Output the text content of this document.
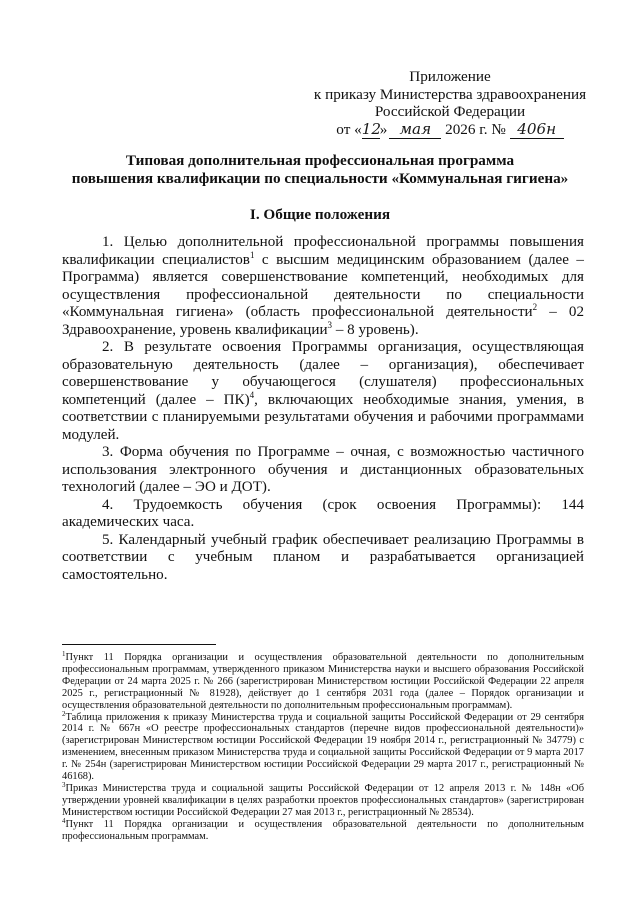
Приложение
к приказу Министерства здравоохранения
Российской Федерации
от «12» мая 2026 г. № 406н
Типовая дополнительная профессиональная программа
повышения квалификации по специальности «Коммунальная гигиена»
I. Общие положения

1. Целью дополнительной профессиональной программы повышения квалификации специалистов$^1$ с высшим медицинским образованием (далее – Программа) является совершенствование компетенций, необходимых для осуществления профессиональной деятельности по специальности «Коммунальная гигиена» (область профессиональной деятельности$^2$ – 02 Здравоохранение, уровень квалификации$^3$ – 8 уровень).

2. В результате освоения Программы организация, осуществляющая образовательную деятельность (далее – организация), обеспечивает совершенствование у обучающегося (слушателя) профессиональных компетенций (далее – ПК)$^4$, включающих необходимые знания, умения, в соответствии с планируемыми результатами обучения и рабочими программами модулей.

3. Форма обучения по Программе – очная, с возможностью частичного использования электронного обучения и дистанционных образовательных технологий (далее – ЭО и ДОТ).

4. Трудоемкость обучения (срок освоения Программы): 144 академических часа.

5. Календарный учебный график обеспечивает реализацию Программы в соответствии с учебным планом и разрабатывается организацией самостоятельно.

$^1$Пункт 11 Порядка организации и осуществления образовательной деятельности по дополнительным профессиональным программам, утвержденного приказом Министерства науки и высшего образования Российской Федерации от 24 марта 2025 г. № 266 (зарегистрирован Министерством юстиции Российской Федерации 22 апреля 2025 г., регистрационный № 81928), действует до 1 сентября 2031 года (далее – Порядок организации и осуществления образовательной деятельности по дополнительным профессиональным программам).

$^2$Таблица приложения к приказу Министерства труда и социальной защиты Российской Федерации от 29 сентября 2014 г. № 667н «О реестре профессиональных стандартов (перечне видов профессиональной деятельности)» (зарегистрирован Министерством юстиции Российской Федерации 19 ноября 2014 г., регистрационный № 34779) с изменением, внесенным приказом Министерства труда и социальной защиты Российской Федерации от 9 марта 2017 г. № 254н (зарегистрирован Министерством юстиции Российской Федерации 29 марта 2017 г., регистрационный № 46168).

$^3$Приказ Министерства труда и социальной защиты Российской Федерации от 12 апреля 2013 г. № 148н «Об утверждении уровней квалификации в целях разработки проектов профессиональных стандартов» (зарегистрирован Министерством юстиции Российской Федерации 27 мая 2013 г., регистрационный № 28534).

$^4$Пункт 11 Порядка организации и осуществления образовательной деятельности по дополнительным профессиональным программам.
